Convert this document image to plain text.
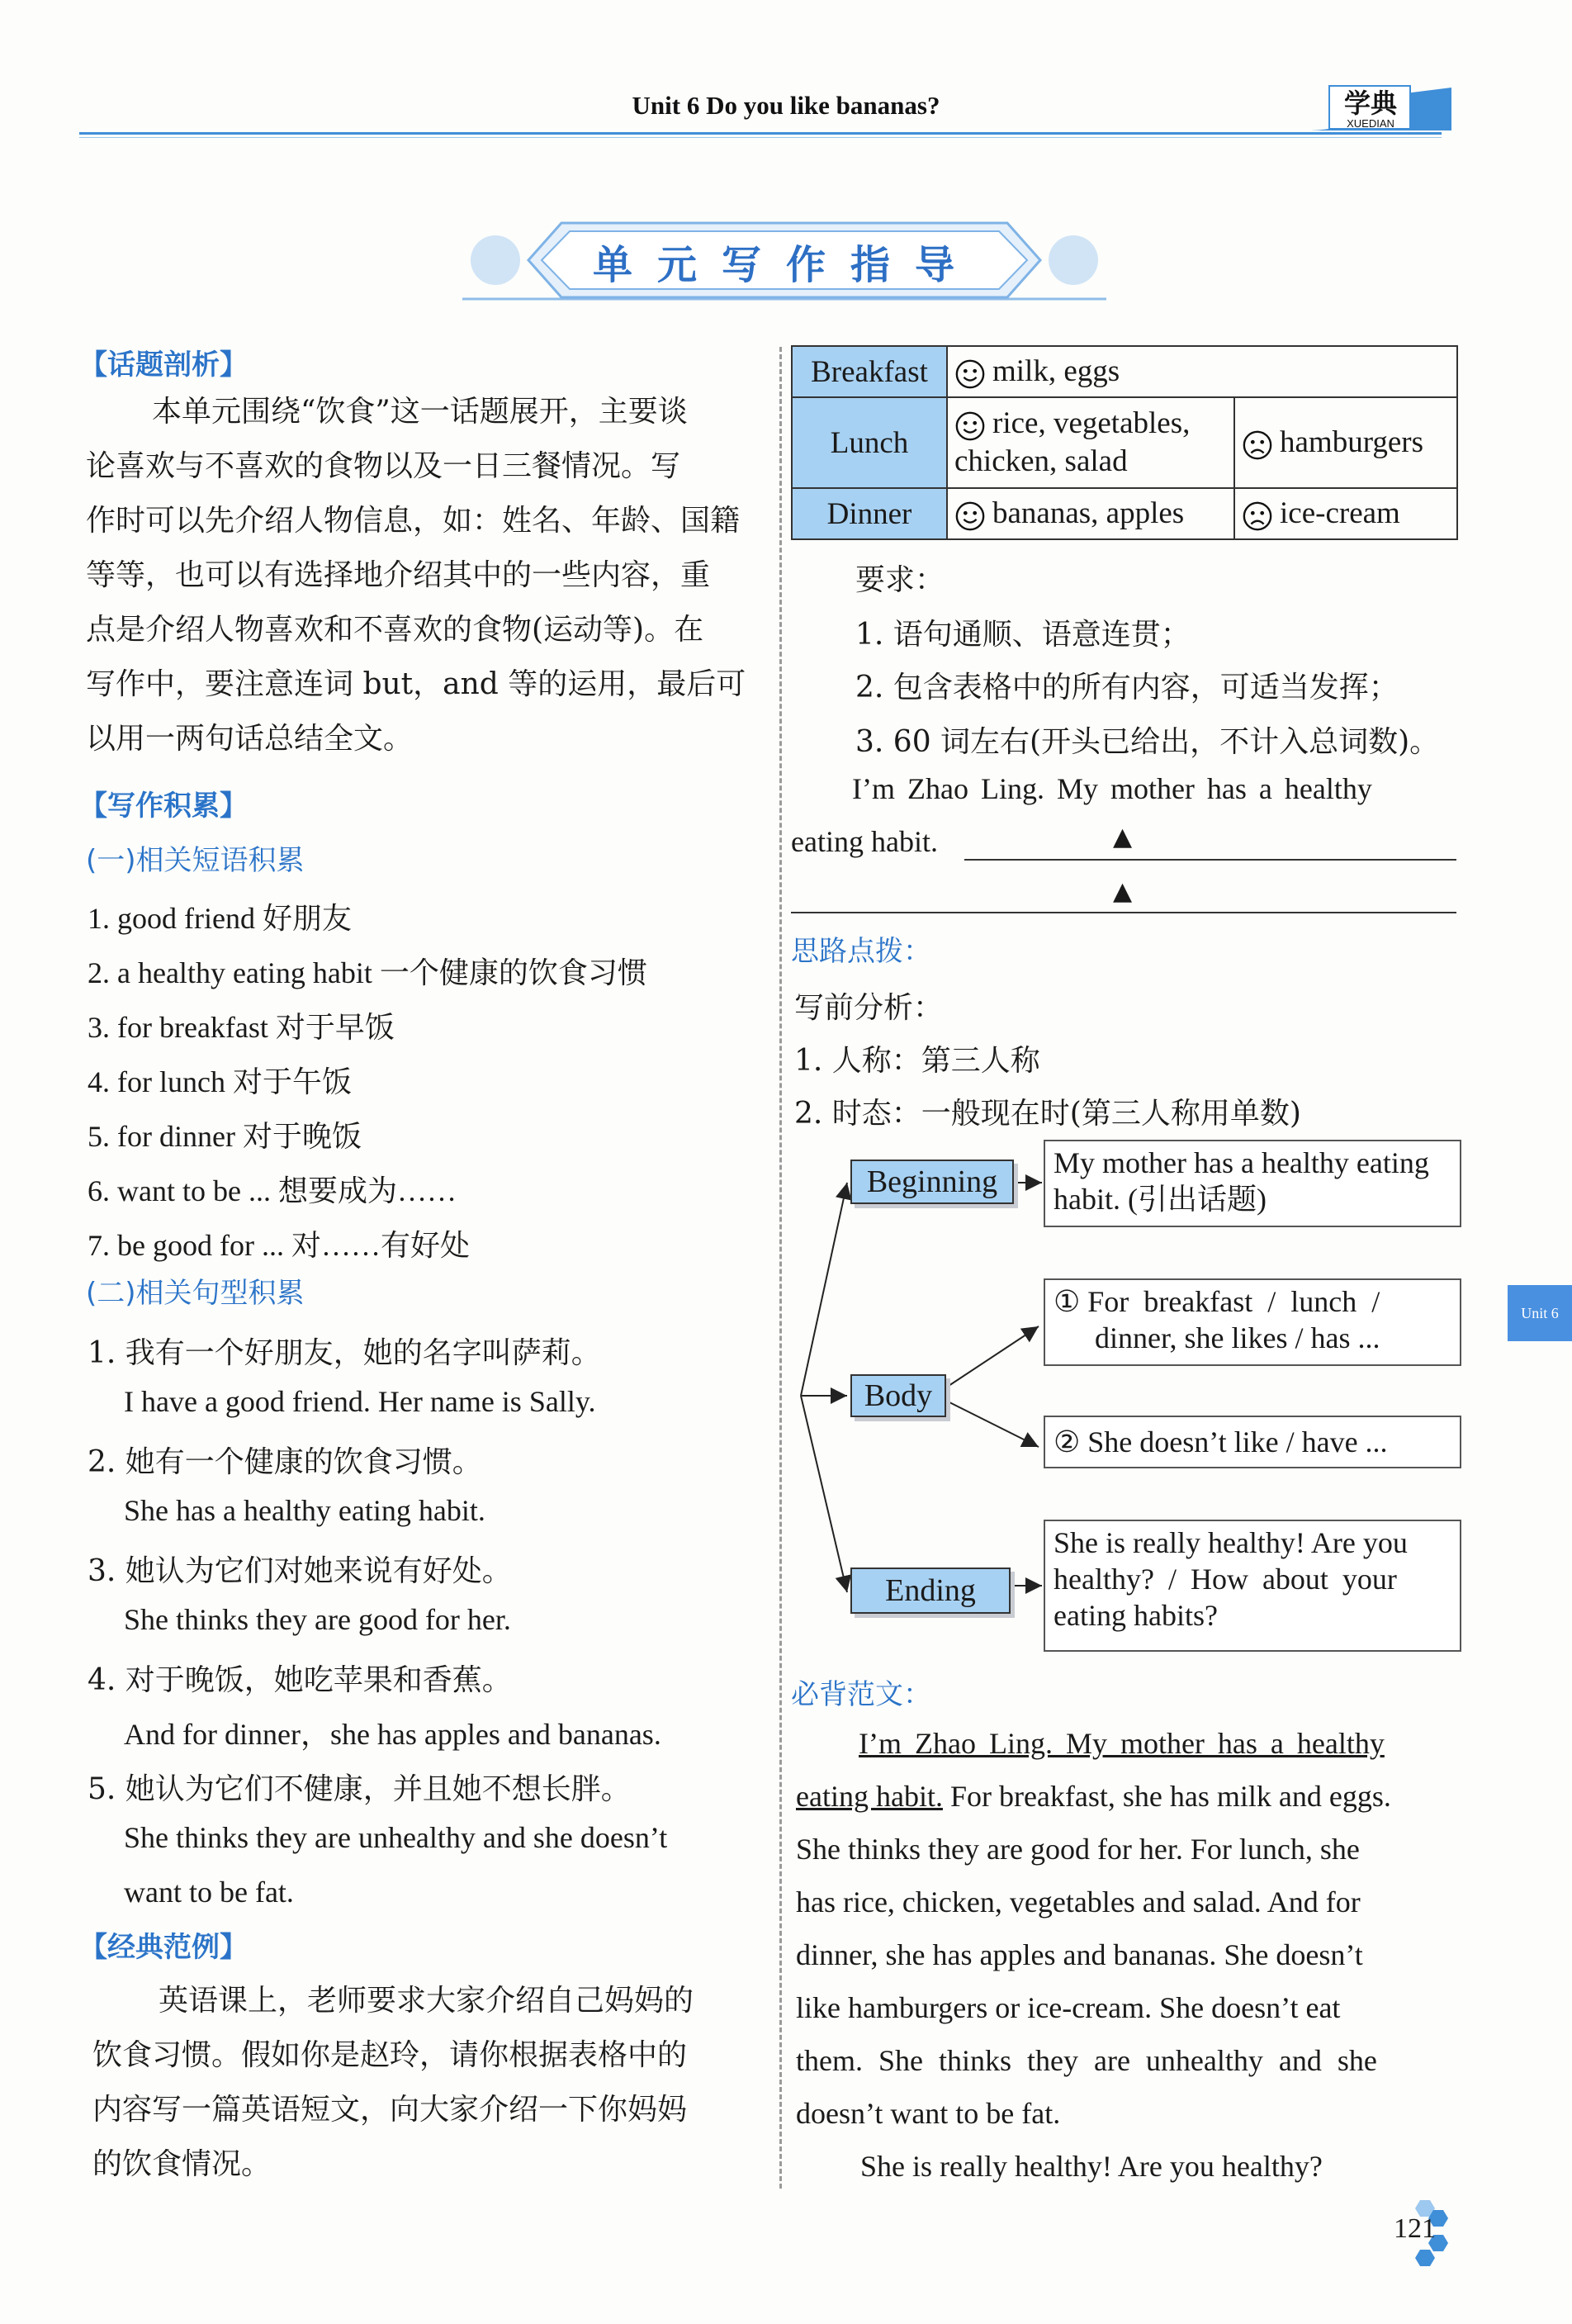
Unit 6 Do you like bananas?	学典
XUEDIAN
单元写作指导
【话题剖析】
本单元围绕“饮食”这一话题展开，主要谈
论喜欢与不喜欢的食物以及一日三餐情况。写
作时可以先介绍人物信息，如：姓名、年龄、国籍
等等，也可以有选择地介绍其中的一些内容，重
点是介绍人物喜欢和不喜欢的食物(运动等)。在
写作中，要注意连词 but，and 等的运用，最后可
以用一两句话总结全文。
【写作积累】
(一)相关短语积累
1. good friend 好朋友
2. a healthy eating habit 一个健康的饮食习惯
3. for breakfast 对于早饭
4. for lunch 对于午饭
5. for dinner 对于晚饭
6. want to be ... 想要成为……
7. be good for ... 对……有好处
(二)相关句型积累
1. 我有一个好朋友，她的名字叫萨莉。
I have a good friend. Her name is Sally.
2. 她有一个健康的饮食习惯。
She has a healthy eating habit.
3. 她认为它们对她来说有好处。
She thinks they are good for her.
4. 对于晚饭，她吃苹果和香蕉。
And for dinner，she has apples and bananas.
5. 她认为它们不健康，并且她不想长胖。
She thinks they are unhealthy and she doesn’t
want to be fat.
【经典范例】
英语课上，老师要求大家介绍自己妈妈的
饮食习惯。假如你是赵玲，请你根据表格中的
内容写一篇英语短文，向大家介绍一下你妈妈
的饮食情况。
Breakfast	milk, eggs	
Lunch	rice, vegetables, chicken, salad	hamburgers
Dinner	bananas, apples	ice-cream
要求：
1. 语句通顺、语意连贯；
2. 包含表格中的所有内容，可适当发挥；
3. 60 词左右(开头已给出，不计入总词数)。
I’m Zhao Ling. My mother has a healthy
eating habit.	▲
▲
思路点拨：
写前分析：
1. 人称：第三人称
2. 时态：一般现在时(第三人称用单数)
Beginning
Body
Ending
My mother has a healthy eating
habit. (引出话题)
① For  breakfast  /  lunch  /
dinner, she likes / has ...
② She doesn’t like / have ...
She is really healthy! Are you
healthy? / How about your
eating habits?
必背范文：
I’m Zhao Ling. My mother has a healthy
eating habit. For breakfast, she has milk and eggs.
She thinks they are good for her. For lunch, she
has rice, chicken, vegetables and salad. And for
dinner, she has apples and bananas. She doesn’t
like hamburgers or ice-cream. She doesn’t eat
them. She thinks they are unhealthy and she
doesn’t want to be fat.
She is really healthy! Are you healthy?
Unit 6
121
